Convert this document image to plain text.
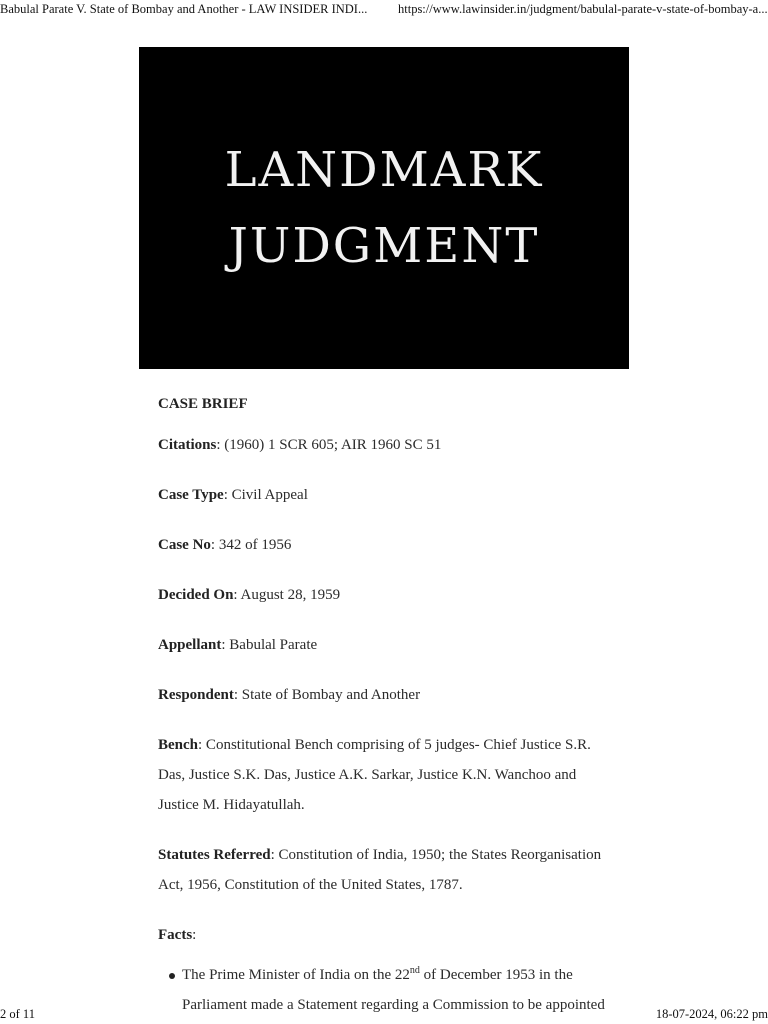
Babulal Parate V. State of Bombay and Another - LAW INSIDER INDI... https://www.lawinsider.in/judgment/babulal-parate-v-state-of-bombay-a...
LANDMARK
JUDGMENT

CASE BRIEF

Citations: (1960) 1 SCR 605; AIR 1960 SC 51

Case Type: Civil Appeal

Case No: 342 of 1956

Decided On: August 28, 1959

Appellant: Babulal Parate

Respondent: State of Bombay and Another

Bench: Constitutional Bench comprising of 5 judges- Chief Justice S.R. Das, Justice S.K. Das, Justice A.K. Sarkar, Justice K.N. Wanchoo and Justice M. Hidayatullah.

Statutes Referred: Constitution of India, 1950; the States Reorganisation Act, 1956, Constitution of the United States, 1787.

Facts:

The Prime Minister of India on the 22nd of December 1953 in the Parliament made a Statement regarding a Commission to be appointed
2 of 11	18-07-2024, 06:22 pm
